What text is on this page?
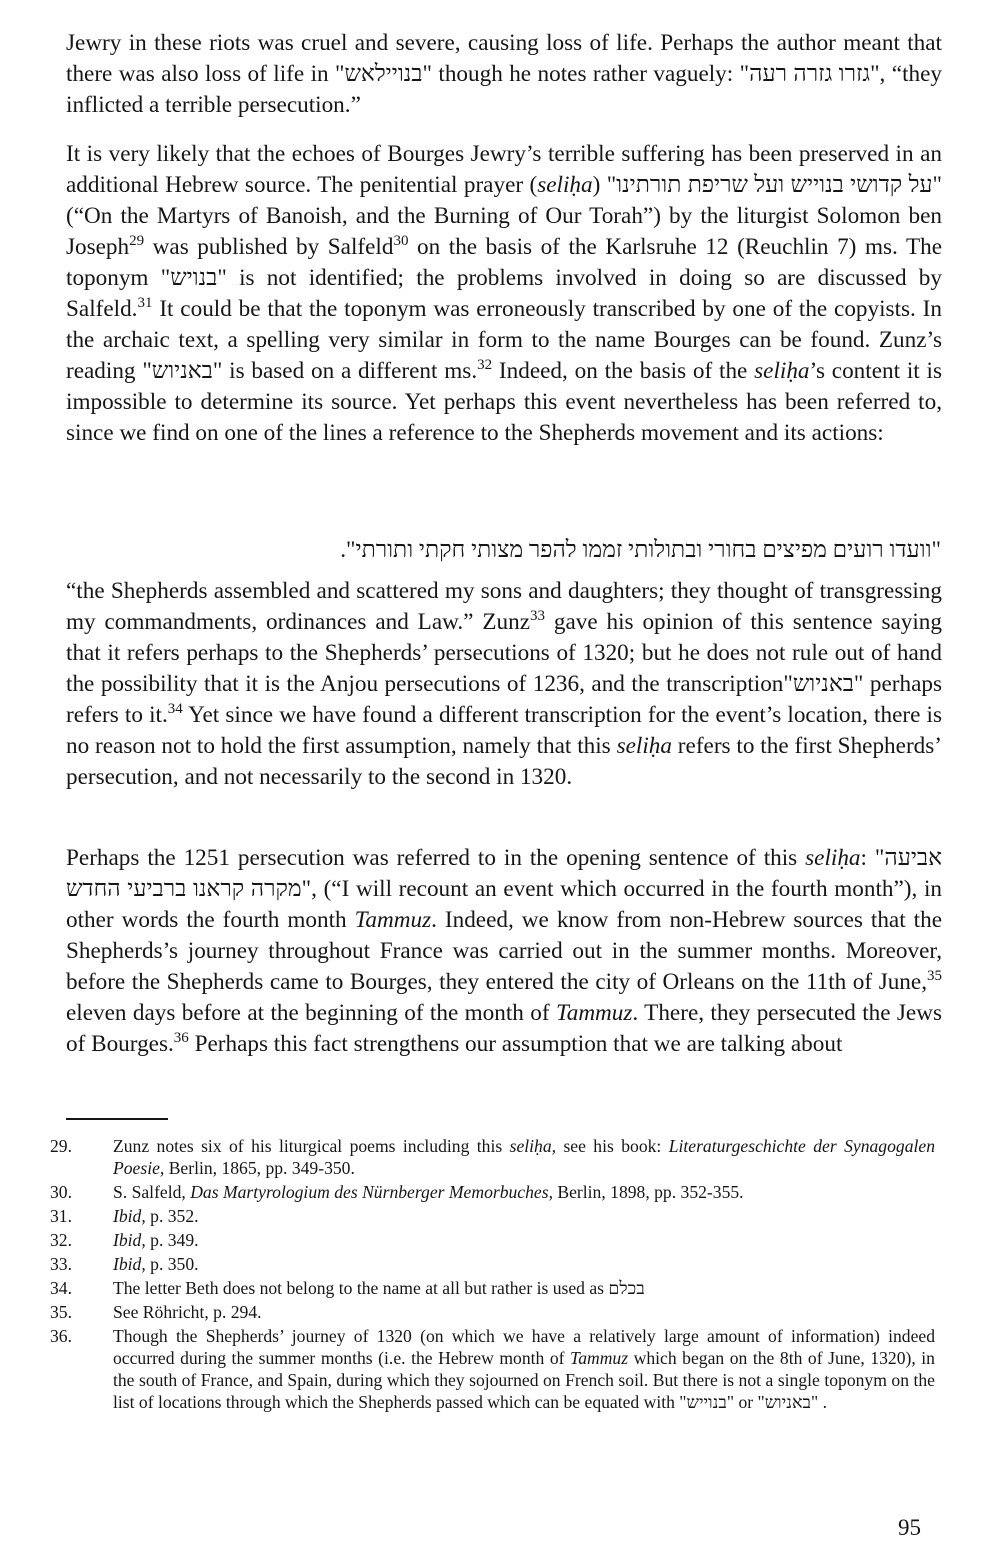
Jewry in these riots was cruel and severe, causing loss of life. Perhaps the author meant that there was also loss of life in "בנויילאש" though he notes rather vaguely: "גזרו גזרה רעה", “they inflicted a terrible persecution.”

It is very likely that the echoes of Bourges Jewry’s terrible suffering has been preserved in an additional Hebrew source. The penitential prayer (seliḥa) "על קדושי בנוייש ועל שריפת תורתינו" (“On the Martyrs of Banoish, and the Burning of Our Torah”) by the liturgist Solomon ben Joseph$^{29}$ was published by Salfeld$^{30}$ on the basis of the Karlsruhe 12 (Reuchlin 7) ms. The toponym "בנויש" is not identified; the problems involved in doing so are discussed by Salfeld.$^{31}$ It could be that the toponym was erroneously transcribed by one of the copyists. In the archaic text, a spelling very similar in form to the name Bourges can be found. Zunz’s reading "באניוש" is based on a different ms.$^{32}$ Indeed, on the basis of the seliḥa’s content it is impossible to determine its source. Yet perhaps this event nevertheless has been referred to, since we find on one of the lines a reference to the Shepherds movement and its actions:

"וועדו רועים מפיצים בחורי ובתולותי זממו להפר מצותי חקתי ותורתי".

“the Shepherds assembled and scattered my sons and daughters; they thought of transgressing my commandments, ordinances and Law.” Zunz$^{33}$ gave his opinion of this sentence saying that it refers perhaps to the Shepherds’ persecutions of 1320; but he does not rule out of hand the possibility that it is the Anjou persecutions of 1236, and the transcription"באניוש" perhaps refers to it.$^{34}$ Yet since we have found a different transcription for the event’s location, there is no reason not to hold the first assumption, namely that this seliḥa refers to the first Shepherds’ persecution, and not necessarily to the second in 1320.

Perhaps the 1251 persecution was referred to in the opening sentence of this seliḥa: "אביעה מקרה קראנו ברביעי החדש", (“I will recount an event which occurred in the fourth month”), in other words the fourth month Tammuz. Indeed, we know from non-Hebrew sources that the Shepherds’s journey throughout France was carried out in the summer months. Moreover, before the Shepherds came to Bourges, they entered the city of Orleans on the 11th of June,$^{35}$ eleven days before at the beginning of the month of Tammuz. There, they persecuted the Jews of Bourges.$^{36}$ Perhaps this fact strengthens our assumption that we are talking about

29.	Zunz notes six of his liturgical poems including this seliḥa, see his book: Literaturgeschichte der Synagogalen Poesie, Berlin, 1865, pp. 349-350.
30.	S. Salfeld, Das Martyrologium des Nürnberger Memorbuches, Berlin, 1898, pp. 352-355.
31.	Ibid, p. 352.
32.	Ibid, p. 349.
33.	Ibid, p. 350.
34.	The letter Beth does not belong to the name at all but rather is used as בכלם
35.	See Röhricht, p. 294.
36.	Though the Shepherds’ journey of 1320 (on which we have a relatively large amount of information) indeed occurred during the summer months (i.e. the Hebrew month of Tammuz which began on the 8th of June, 1320), in the south of France, and Spain, during which they sojourned on French soil. But there is not a single toponym on the list of locations through which the Shepherds passed which can be equated with "בנוייש" or "באניוש" .
95
